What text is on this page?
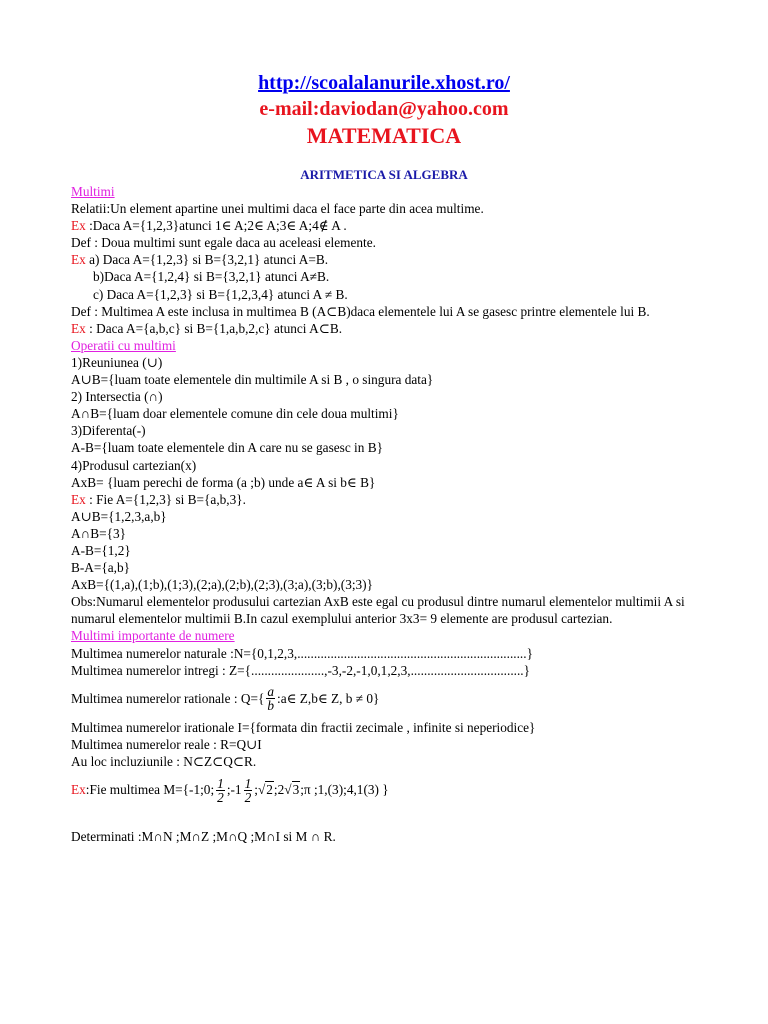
http://scoalalanurile.xhost.ro/
e-mail:daviodan@yahoo.com
MATEMATICA
ARITMETICA SI ALGEBRA
Multimi
Relatii:Un element apartine unei multimi daca el face parte din acea multime.
Ex :Daca A={1,2,3}atunci 1∈ A;2∈ A;3∈ A;4∉ A .
Def : Doua multimi sunt egale daca au aceleasi elemente.
Ex a) Daca A={1,2,3} si B={3,2,1} atunci A=B.
b)Daca A={1,2,4} si B={3,2,1} atunci A≠B.
c) Daca A={1,2,3} si B={1,2,3,4} atunci A ≠ B.
Def : Multimea A este inclusa in multimea B (A⊂B)daca elementele lui A se gasesc printre elementele lui B.
Ex : Daca A={a,b,c} si B={1,a,b,2,c} atunci A⊂B.
Operatii cu multimi
1)Reuniunea (∪)
A∪B={luam toate elementele din multimile A si B , o singura data}
2) Intersectia (∩)
A∩B={luam doar elementele comune din cele doua multimi}
3)Diferenta(-)
A-B={luam toate elementele din A care nu se gasesc in B}
4)Produsul cartezian(x)
AxB= {luam perechi de forma (a ;b) unde a∈ A si b∈ B}
Ex : Fie A={1,2,3} si B={a,b,3}.
A∪B={1,2,3,a,b}
A∩B={3}
A-B={1,2}
B-A={a,b}
AxB={(1,a),(1;b),(1;3),(2;a),(2;b),(2;3),(3;a),(3;b),(3;3)}
Obs:Numarul elementelor produsului cartezian AxB este egal cu produsul dintre numarul elementelor multimii A si numarul elementelor multimii B.In cazul exemplului anterior 3x3= 9 elemente are produsul cartezian.
Multimi importante de numere
Multimea numerelor naturale :N={0,1,2,3,.....................................................................}
Multimea numerelor intregi : Z={......................,-3,-2,-1,0,1,2,3,..................................}
Multimea numerelor rationale : $Q=\{ \frac{a}{b}$ :a∈ Z,b∈ Z, b ≠ 0}
Multimea numerelor irationale I={formata din fractii zecimale , infinite si neperiodice}
Multimea numerelor reale : R=Q∪I
Au loc incluziunile : N⊂Z⊂Q⊂R.
Ex :Fie multimea M={-1;0; $\frac{1}{2}$ ;-1 $\frac{1}{2}$ ; √2 ;2 √3 ;π ;1,(3);4,1(3) }
Determinati :M∩N ;M∩Z ;M∩Q ;M∩I si M ∩ R.
